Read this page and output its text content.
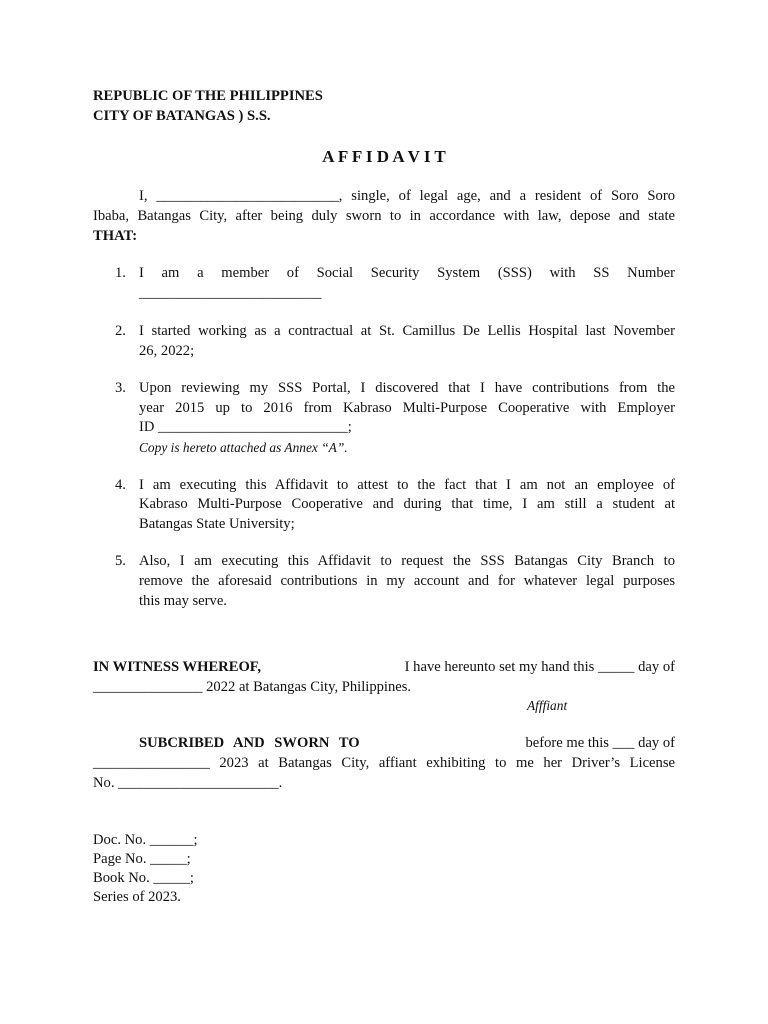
REPUBLIC OF THE PHILIPPINES
CITY OF BATANGAS ) S.S.
A F F I D A V I T
I, _________________________, single, of legal age, and a resident of Soro Soro
Ibaba, Batangas City, after being duly sworn to in accordance with law, depose and state
THAT:
1. I am a member of Social Security System (SSS) with SS Number
_________________________
2. I started working as a contractual at St. Camillus De Lellis Hospital last November
26, 2022;
3. Upon reviewing my SSS Portal, I discovered that I have contributions from the
year 2015 up to 2016 from Kabraso Multi-Purpose Cooperative with Employer
ID __________________________;
Copy is hereto attached as Annex “A”.
4. I am executing this Affidavit to attest to the fact that I am not an employee of
Kabraso Multi-Purpose Cooperative and during that time, I am still a student at
Batangas State University;
5. Also, I am executing this Affidavit to request the SSS Batangas City Branch to
remove the aforesaid contributions in my account and for whatever legal purposes
this may serve.
IN WITNESS WHEREOF,	I have hereunto set my hand this _____ day of
_______________ 2022 at Batangas City, Philippines.
Afffiant
SUBCRIBED AND SWORN TO	before me this ___ day of
________________ 2023 at Batangas City, affiant exhibiting to me her Driver’s License
No. ______________________.
Doc. No. ______;
Page No. _____;
Book No. _____;
Series of 2023.
